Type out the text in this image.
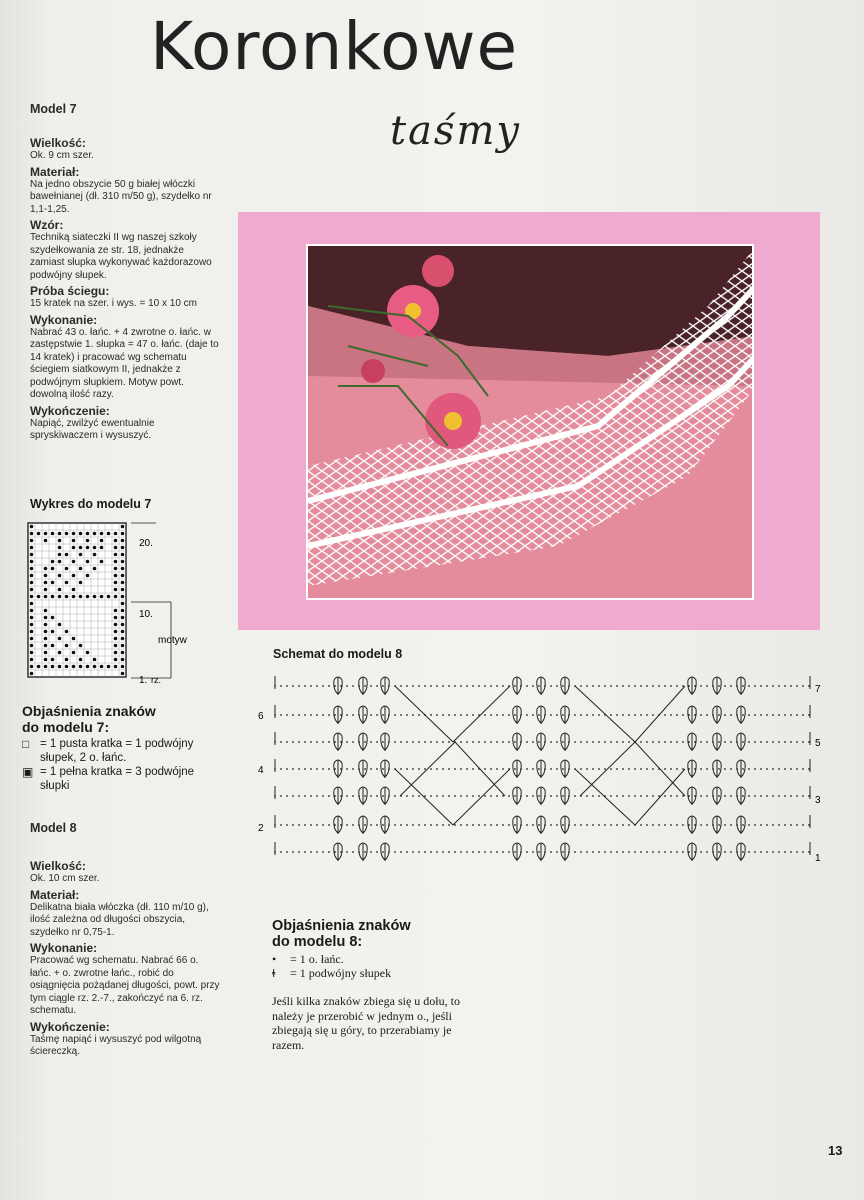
Koronkowe
taśmy
Model 7
Wielkość:

Ok. 9 cm szer.

Materiał:

Na jedno obszycie 50 g białej włóczki bawełnianej (dł. 310 m/50 g), szydełko nr 1,1-1,25.

Wzór:

Techniką siateczki II wg naszej szkoły szydełkowania ze str. 18, jednakże zamiast słupka wykonywać każdorazowo podwójny słupek.

Próba ściegu:

15 kratek na szer. i wys. = 10 x 10 cm

Wykonanie:

Nabrać 43 o. łańc. + 4 zwrotne o. łańc. w zastępstwie 1. słupka = 47 o. łańc. (daje to 14 kratek) i pracować wg schematu ściegiem siatkowym II, jednakże z podwójnym słupkiem. Motyw powt. dowolną ilość razy.

Wykończenie:

Napiąć, zwilżyć ewentualnie spryskiwaczem i wysuszyć.

Wykres do modelu 7
20.
10.
1. rz.
motyw
Objaśnienia znaków
do modelu 7:
□ = 1 pusta kratka = 1 podwójny słupek, 2 o. łańc.
▣ = 1 pełna kratka = 3 podwójne słupki
Model 8
Wielkość:

Ok. 10 cm szer.

Materiał:

Delikatna biała włóczka (dł. 110 m/10 g), ilość zależna od długości obszycia, szydełko nr 0,75-1.

Wykonanie:

Pracować wg schematu. Nabrać 66 o. łańc. + o. zwrotne łańc., robić do osiągnięcia pożądanej długości, powt. przy tym ciągle rz. 2.-7., zakończyć na 6. rz. schematu.

Wykończenie:

Taśmę napiąć i wysuszyć pod wilgotną ściereczką.

Schemat do modelu 8
6
4
2
7
5
3
1
Objaśnienia znaków
do modelu 8:
•	= 1 o. łańc.
ǂ	= 1 podwójny słupek

Jeśli kilka znaków zbiega się u dołu, to należy je przerobić w jednym o., jeśli zbiegają się u góry, to przerabiamy je razem.

13
